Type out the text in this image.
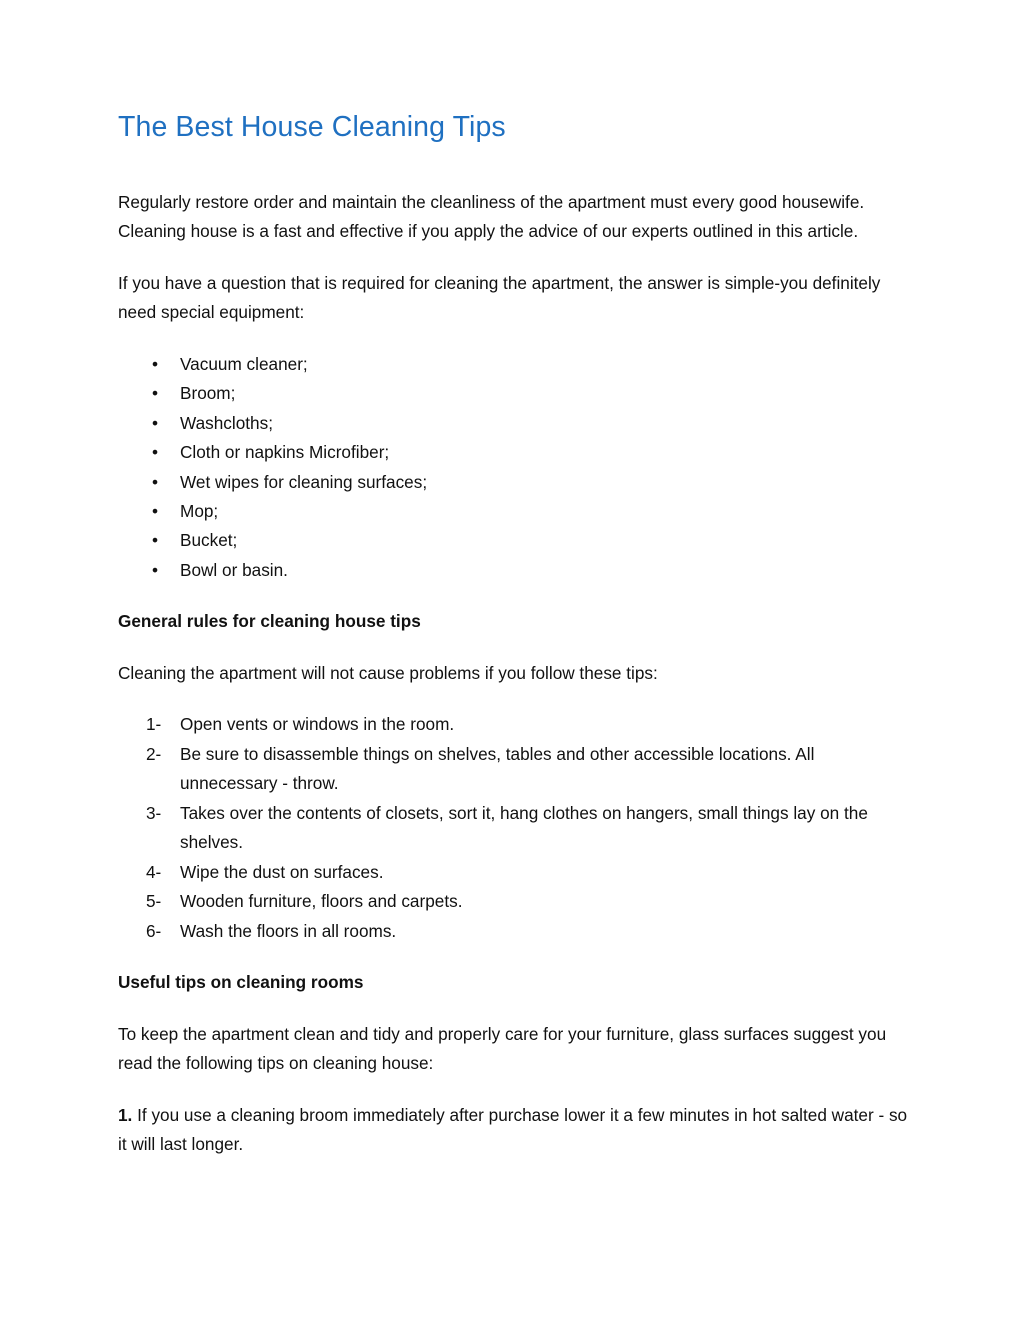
The Best House Cleaning Tips

Regularly restore order and maintain the cleanliness of the apartment must every good housewife. Cleaning house is a fast and effective if you apply the advice of our experts outlined in this article.

If you have a question that is required for cleaning the apartment, the answer is simple-you definitely need special equipment:

• Vacuum cleaner;
• Broom;
• Washcloths;
• Cloth or napkins Microfiber;
• Wet wipes for cleaning surfaces;
• Mop;
• Bucket;
• Bowl or basin.
General rules for cleaning house tips

Cleaning the apartment will not cause problems if you follow these tips:

1- Open vents or windows in the room.
2- Be sure to disassemble things on shelves, tables and other accessible locations. All unnecessary - throw.
3- Takes over the contents of closets, sort it, hang clothes on hangers, small things lay on the shelves.
4- Wipe the dust on surfaces.
5- Wooden furniture, floors and carpets.
6- Wash the floors in all rooms.
Useful tips on cleaning rooms

To keep the apartment clean and tidy and properly care for your furniture, glass surfaces suggest you read the following tips on cleaning house:

1. If you use a cleaning broom immediately after purchase lower it a few minutes in hot salted water - so it will last longer.
